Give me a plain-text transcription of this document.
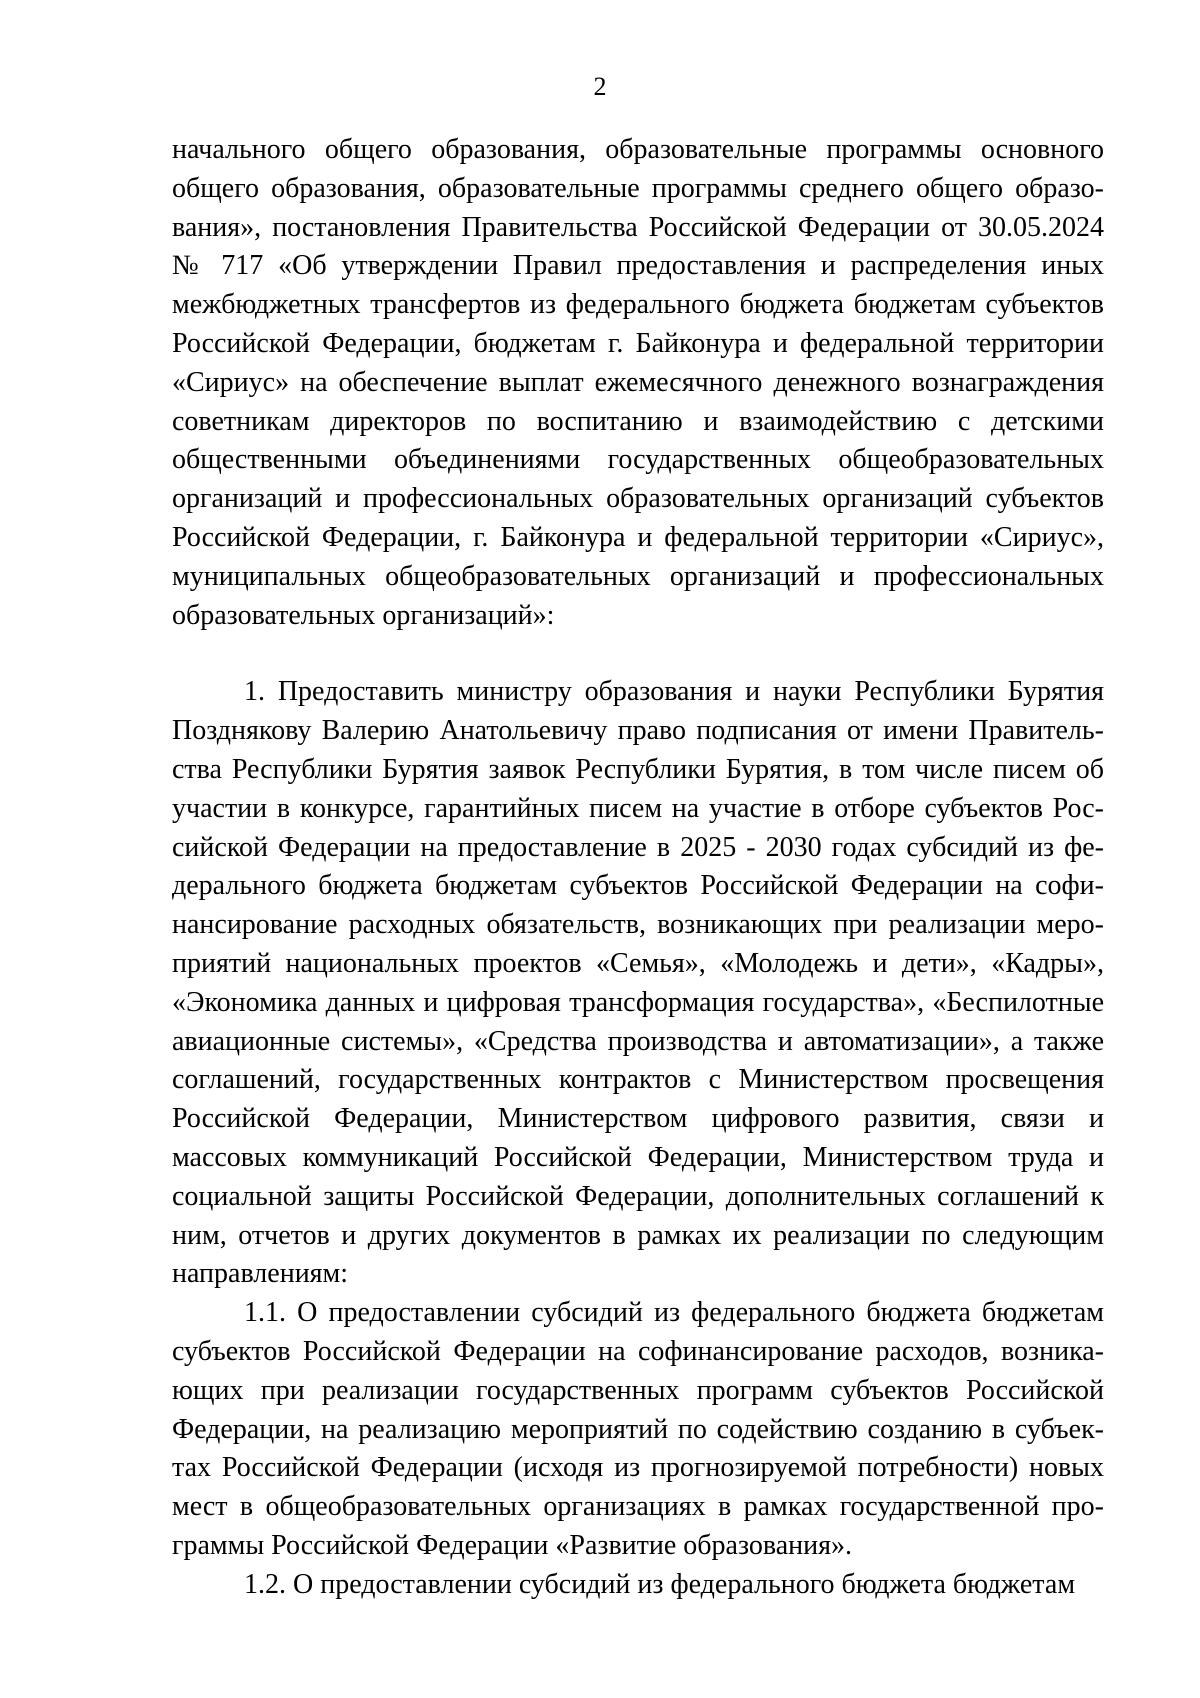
2

начального общего образования, образовательные программы основного общего образования, образовательные программы среднего общего образования», постановления Правительства Российской Федерации от 30.05.2024 № 717 «Об утверждении Правил предоставления и распределения иных межбюджетных трансфертов из федерального бюджета бюджетам субъектов Российской Федерации, бюджетам г. Байконура и федеральной территории «Сириус» на обеспечение выплат ежемесячного денежного вознаграждения советникам директоров по воспитанию и взаимодействию с детскими общественными объединениями государственных общеобразовательных организаций и профессиональных образовательных организаций субъектов Российской Федерации, г. Байконура и федеральной территории «Сириус», муниципальных общеобразовательных организаций и профессиональных образовательных организаций»:

1. Предоставить министру образования и науки Республики Бурятия Позднякову Валерию Анатольевичу право подписания от имени Правительства Республики Бурятия заявок Республики Бурятия, в том числе писем об участии в конкурсе, гарантийных писем на участие в отборе субъектов Российской Федерации на предоставление в 2025 - 2030 годах субсидий из федерального бюджета бюджетам субъектов Российской Федерации на софинансирование расходных обязательств, возникающих при реализации мероприятий национальных проектов «Семья», «Молодежь и дети», «Кадры», «Экономика данных и цифровая трансформация государства», «Беспилотные авиационные системы», «Средства производства и автоматизации», а также соглашений, государственных контрактов с Министерством просвещения Российской Федерации, Министерством цифрового развития, связи и массовых коммуникаций Российской Федерации, Министерством труда и социальной защиты Российской Федерации, дополнительных соглашений к ним, отчетов и других документов в рамках их реализации по следующим направлениям:

1.1. О предоставлении субсидий из федерального бюджета бюджетам субъектов Российской Федерации на софинансирование расходов, возникающих при реализации государственных программ субъектов Российской Федерации, на реализацию мероприятий по содействию созданию в субъектах Российской Федерации (исходя из прогнозируемой потребности) новых мест в общеобразовательных организациях в рамках государственной программы Российской Федерации «Развитие образования».

1.2. О предоставлении субсидий из федерального бюджета бюджетам
